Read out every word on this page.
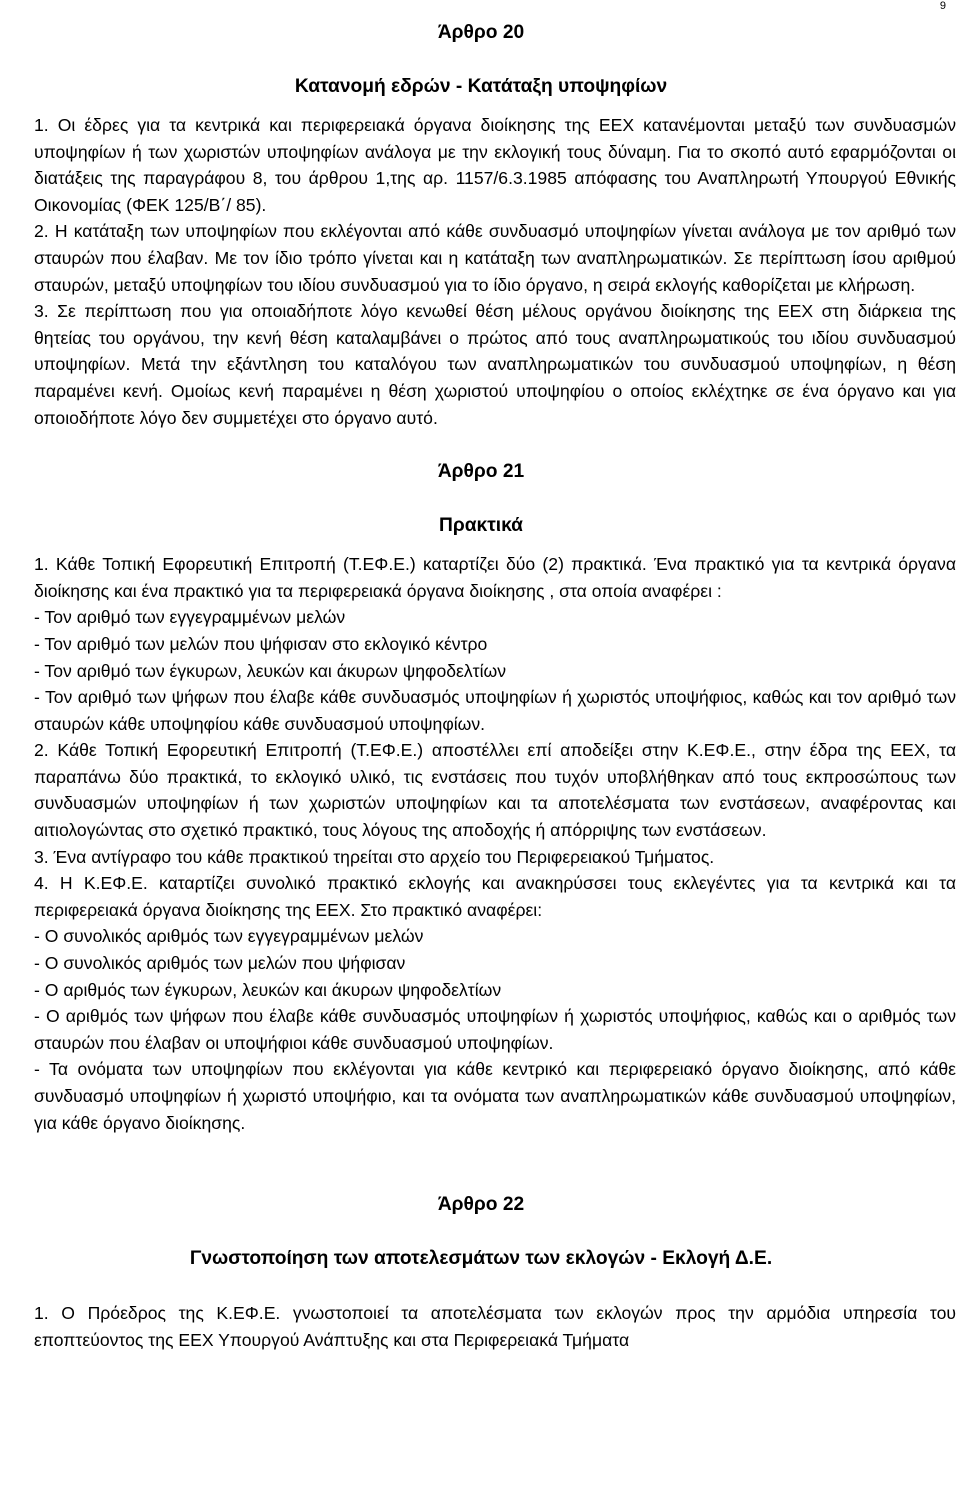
9
Άρθρο 20
Κατανομή εδρών - Κατάταξη υποψηφίων

1. Οι έδρες για τα κεντρικά και περιφερειακά όργανα διοίκησης της ΕΕΧ κατανέμονται μεταξύ των συνδυασμών υποψηφίων ή των χωριστών υποψηφίων ανάλογα με την εκλογική τους δύναμη. Για το σκοπό αυτό εφαρμόζονται οι διατάξεις της παραγράφου 8, του άρθρου 1,της αρ. 1157/6.3.1985 απόφασης του Αναπληρωτή Υπουργού Εθνικής Οικονομίας (ΦΕΚ 125/Β΄/ 85).

2. Η κατάταξη των υποψηφίων που εκλέγονται από κάθε συνδυασμό υποψηφίων γίνεται ανάλογα με τον αριθμό των σταυρών που έλαβαν. Με τον ίδιο τρόπο γίνεται και η κατάταξη των αναπληρωματικών. Σε περίπτωση ίσου αριθμού σταυρών, μεταξύ υποψηφίων του ιδίου συνδυασμού για το ίδιο όργανο, η σειρά εκλογής καθορίζεται με κλήρωση.

3. Σε περίπτωση που για οποιαδήποτε λόγο κενωθεί θέση μέλους οργάνου διοίκησης της ΕΕΧ στη διάρκεια της θητείας του οργάνου, την κενή θέση καταλαμβάνει ο πρώτος από τους αναπληρωματικούς του ιδίου συνδυασμού υποψηφίων. Μετά την εξάντληση του καταλόγου των αναπληρωματικών του συνδυασμού υποψηφίων, η θέση παραμένει κενή. Ομοίως κενή παραμένει η θέση χωριστού υποψηφίου ο οποίος εκλέχτηκε σε ένα όργανο και για οποιοδήποτε λόγο δεν συμμετέχει στο όργανο αυτό.

Άρθρο 21
Πρακτικά

1. Κάθε Τοπική Εφορευτική Επιτροπή (Τ.ΕΦ.Ε.) καταρτίζει δύο (2) πρακτικά. Ένα πρακτικό για τα κεντρικά όργανα διοίκησης και ένα πρακτικό για τα περιφερειακά όργανα διοίκησης , στα οποία αναφέρει :

- Τον αριθμό των εγγεγραμμένων μελών

- Τον αριθμό των μελών που ψήφισαν στο εκλογικό κέντρο

- Τον αριθμό των έγκυρων, λευκών και άκυρων ψηφοδελτίων

- Τον αριθμό των ψήφων που έλαβε κάθε συνδυασμός υποψηφίων ή χωριστός υποψήφιος, καθώς και τον αριθμό των σταυρών κάθε υποψηφίου κάθε συνδυασμού υποψηφίων.

2. Κάθε Τοπική Εφορευτική Επιτροπή (Τ.ΕΦ.Ε.) αποστέλλει επί αποδείξει στην Κ.ΕΦ.Ε., στην έδρα της ΕΕΧ, τα παραπάνω δύο πρακτικά, το εκλογικό υλικό, τις ενστάσεις που τυχόν υποβλήθηκαν από τους εκπροσώπους των συνδυασμών υποψηφίων ή των χωριστών υποψηφίων και τα αποτελέσματα των ενστάσεων, αναφέροντας και αιτιολογώντας στο σχετικό πρακτικό, τους λόγους της αποδοχής ή απόρριψης των ενστάσεων.

3. Ένα αντίγραφο του κάθε πρακτικού τηρείται στο αρχείο του Περιφερειακού Τμήματος.

4. Η Κ.ΕΦ.Ε. καταρτίζει συνολικό πρακτικό εκλογής και ανακηρύσσει τους εκλεγέντες για τα κεντρικά και τα περιφερειακά όργανα διοίκησης της ΕΕΧ. Στο πρακτικό αναφέρει:

- Ο συνολικός αριθμός των εγγεγραμμένων μελών

- Ο συνολικός αριθμός των μελών που ψήφισαν

- Ο αριθμός των έγκυρων, λευκών και άκυρων ψηφοδελτίων

- Ο αριθμός των ψήφων που έλαβε κάθε συνδυασμός υποψηφίων ή χωριστός υποψήφιος, καθώς και ο αριθμός των σταυρών που έλαβαν οι υποψήφιοι κάθε συνδυασμού υποψηφίων.

- Τα ονόματα των υποψηφίων που εκλέγονται για κάθε κεντρικό και περιφερειακό όργανο διοίκησης, από κάθε συνδυασμό υποψηφίων ή χωριστό υποψήφιο, και τα ονόματα των αναπληρωματικών κάθε συνδυασμού υποψηφίων, για κάθε όργανο διοίκησης.

Άρθρο 22
Γνωστοποίηση των αποτελεσμάτων των εκλογών - Εκλογή Δ.Ε.

1. Ο Πρόεδρος της Κ.ΕΦ.Ε. γνωστοποιεί τα αποτελέσματα των εκλογών προς την αρμόδια υπηρεσία του εποπτεύοντος της ΕΕΧ Υπουργού Ανάπτυξης και στα Περιφερειακά Τμήματα
